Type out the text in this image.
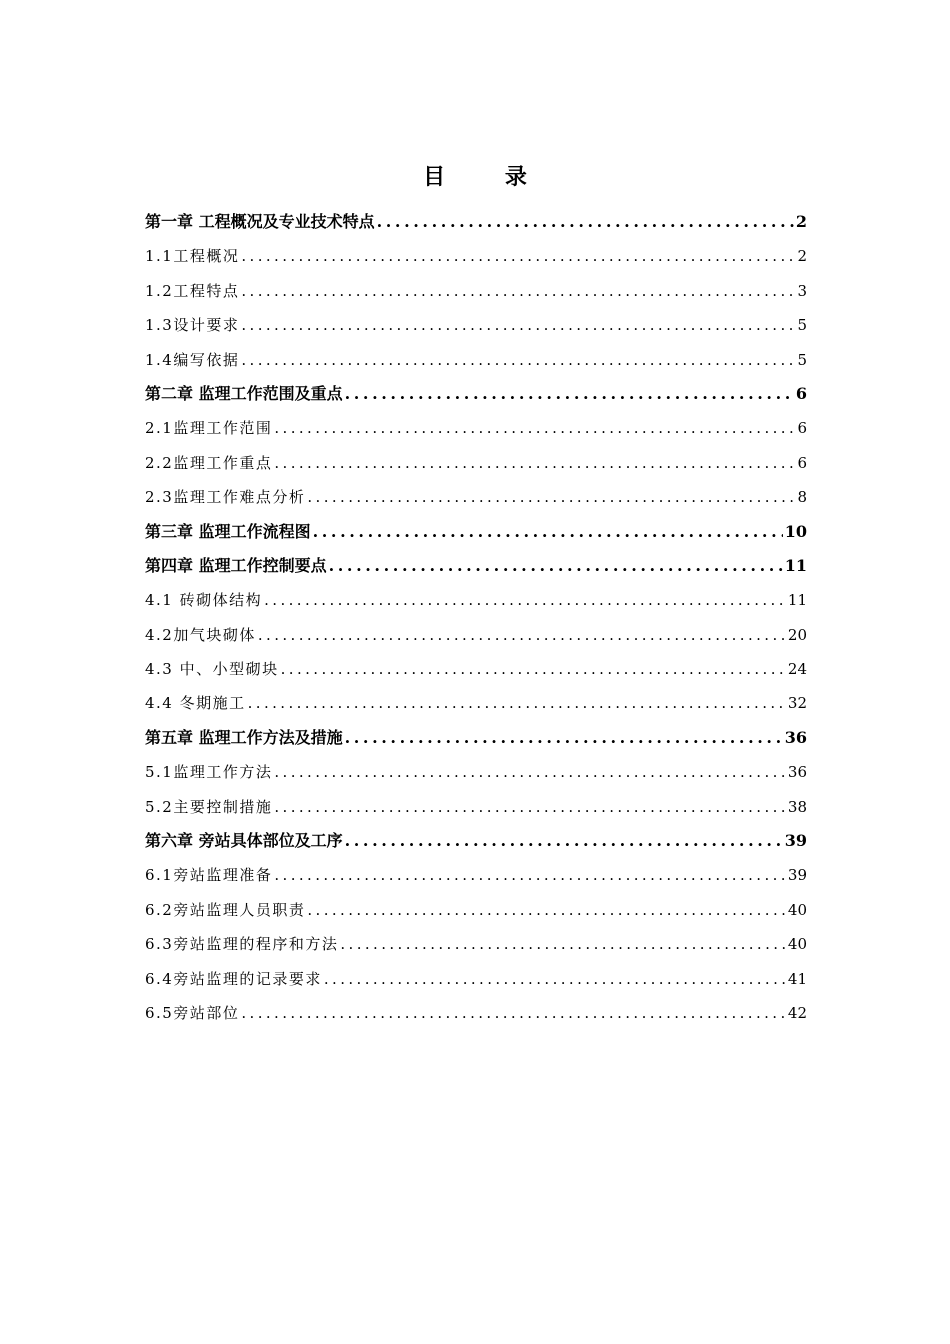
目 录
第一章 工程概况及专业技术特点 .....	2
1.1工程概况 .....	2
1.2工程特点 .....	3
1.3设计要求 .....	5
1.4编写依据 .....	5
第二章 监理工作范围及重点 .....	6
2.1监理工作范围 .....	6
2.2监理工作重点 .....	6
2.3监理工作难点分析 .....	8
第三章 监理工作流程图 .....	10
第四章 监理工作控制要点 .....	11
4.1 砖砌体结构 .....	11
4.2加气块砌体 .....	20
4.3 中、小型砌块 .....	24
4.4 冬期施工 .....	32
第五章 监理工作方法及措施 .....	36
5.1监理工作方法 .....	36
5.2主要控制措施 .....	38
第六章 旁站具体部位及工序 .....	39
6.1旁站监理准备 .....	39
6.2旁站监理人员职责 .....	40
6.3旁站监理的程序和方法 .....	40
6.4旁站监理的记录要求 .....	41
6.5旁站部位 .....	42
